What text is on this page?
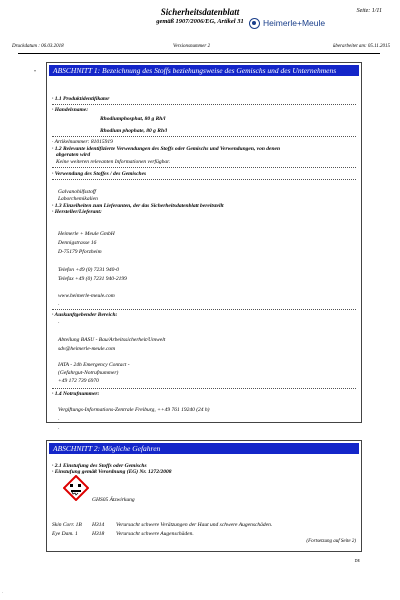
Sicherheitsdatenblatt
gemäß 1907/2006/EG, Artikel 31
Seite: 1/11
Heimerle+Meule
Druckdatum : 06.03.2018	Versionsnummer 2	überarbeitet am: 05.11.2015
*	ABSCHNITT 1: Bezeichnung des Stoffs beziehungsweise des Gemischs und des Unternehmens
· 1.1 Produktidentifikator
· Handelsname:
Rhodiumphosphat, 80 g Rh/l
Rhodium phophate, 80 g Rh/l
· Artikelnummer: 81015919
· 1.2 Relevante identifizierte Verwendungen des Stoffs oder Gemischs und Verwendungen, von denen
abgeraten wird
Keine weiteren relevanten Informationen verfügbar.
· Verwendung des Stoffes / des Gemisches
Galvanohilfsstoff
Laborchemikalien
· 1.3 Einzelheiten zum Lieferanten, der das Sicherheitsdatenblatt bereitstellt
· Hersteller/Lieferant:
Heimerle + Meule GmbH
Dennigstrasse 16
D-75179 Pforzheim
Telefon +49 (0) 7231 940-0
Telefax +49 (0) 7231 940-2199
www.heimerle-meule.com
·
· Auskunftgebender Bereich:
·
Abteilung BASU - Bau/Arbeitssicherheit/Umwelt
sdv@heimerle-meule.com
IATA - 24h Emergency Contact -
(Gefahrgut-Notrufnummer)
+49 172 739 6970
· 1.4 Notrufnummer:
Vergiftungs-Informations-Zentrale Freiburg, ++49 761 19240 (24 h)
·
·
ABSCHNITT 2: Mögliche Gefahren
· 2.1 Einstufung des Stoffs oder Gemischs
· Einstufung gemäß Verordnung (EG) Nr. 1272/2008
GHS05 Ätzwirkung
Skin Corr. 1B H314 Verursacht schwere Verätzungen der Haut und schwere Augenschäden.
Eye Dam. 1	H318 Verursacht schwere Augenschäden.
(Fortsetzung auf Seite 2)
DE
·
